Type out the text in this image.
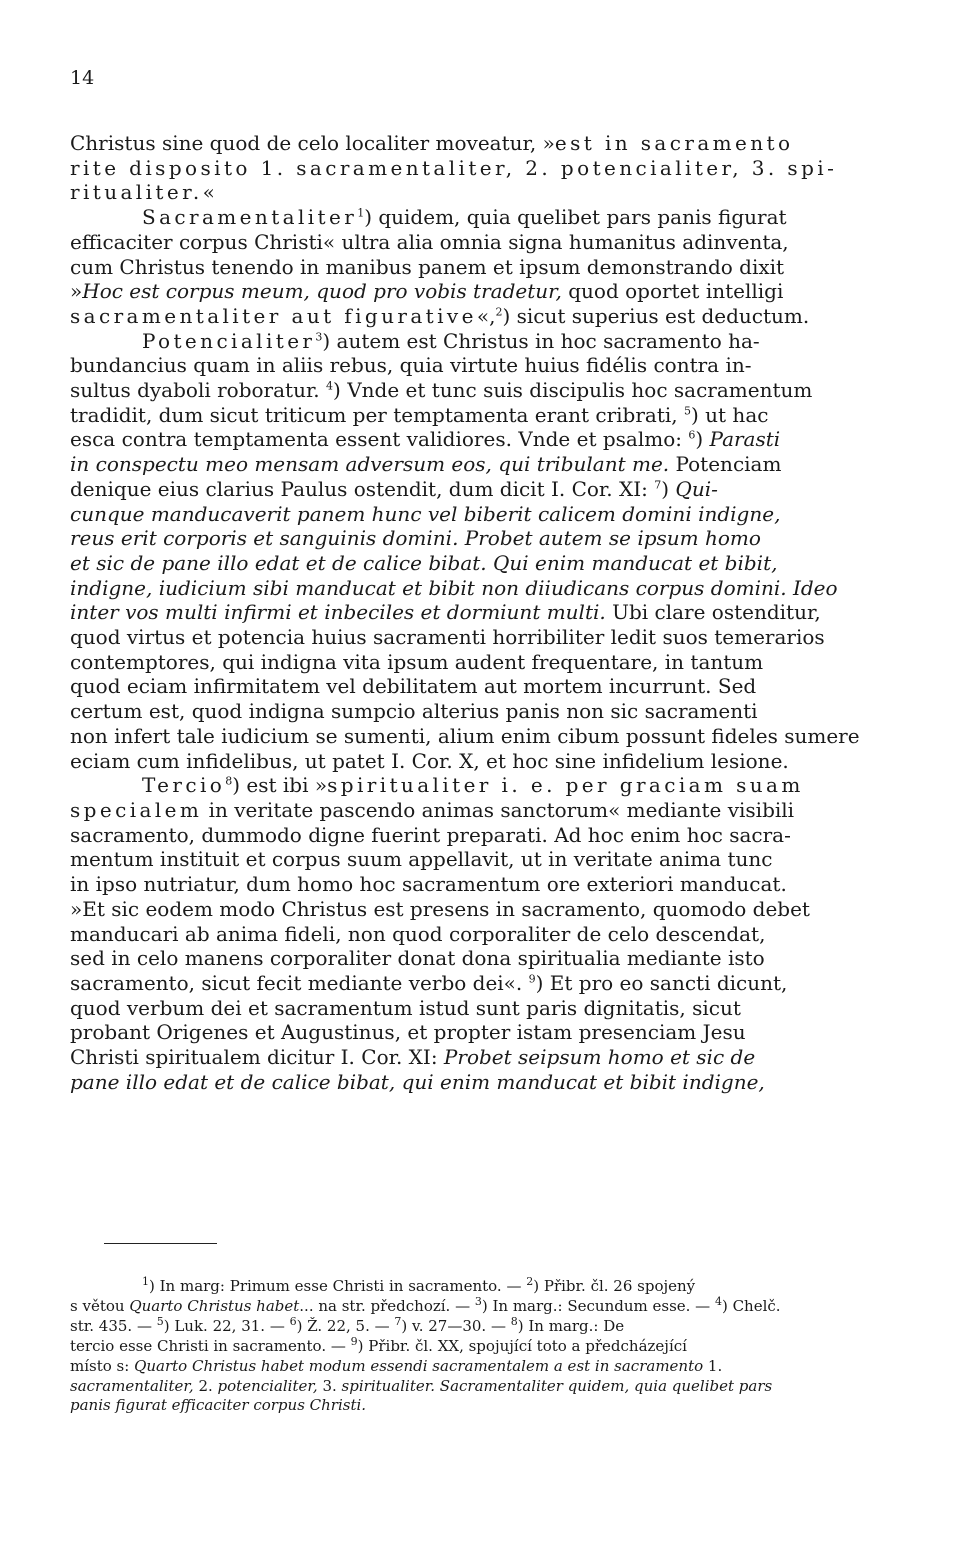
14
Christus sine quod de celo localiter moveatur, »est in sacramento
rite disposito 1. sacramentaliter, 2. potencialiter, 3. spi-
ritualiter.«
Sacramentaliter$^1$) quidem, quia quelibet pars panis figurat
efficaciter corpus Christi« ultra alia omnia signa humanitus adinventa,
cum Christus tenendo in manibus panem et ipsum demonstrando dixit
»Hoc est corpus meum, quod pro vobis tradetur, quod oportet intelligi
sacramentaliter aut figurative«,$^2$) sicut superius est deductum.
Potencialiter$^3$) autem est Christus in hoc sacramento ha-
bundancius quam in aliis rebus, quia virtute huius fidélis contra in-
sultus dyaboli roboratur. $^4$) Vnde et tunc suis discipulis hoc sacramentum
tradidit, dum sicut triticum per temptamenta erant cribrati, $^5$) ut hac
esca contra temptamenta essent validiores. Vnde et psalmo: $^6$) Parasti
in conspectu meo mensam adversum eos, qui tribulant me. Potenciam
denique eius clarius Paulus ostendit, dum dicit I. Cor. XI: $^7$) Qui-
cunque manducaverit panem hunc vel biberit calicem domini indigne,
reus erit corporis et sanguinis domini. Probet autem se ipsum homo
et sic de pane illo edat et de calice bibat. Qui enim manducat et bibit,
indigne, iudicium sibi manducat et bibit non diiudicans corpus domini. Ideo
inter vos multi infirmi et inbeciles et dormiunt multi. Ubi clare ostenditur,
quod virtus et potencia huius sacramenti horribiliter ledit suos temerarios
contemptores, qui indigna vita ipsum audent frequentare, in tantum
quod eciam infirmitatem vel debilitatem aut mortem incurrunt. Sed
certum est, quod indigna sumpcio alterius panis non sic sacramenti
non infert tale iudicium se sumenti, alium enim cibum possunt fideles sumere
eciam cum infidelibus, ut patet I. Cor. X, et hoc sine infidelium lesione.
Tercio$^8$) est ibi »spiritualiter i. e. per graciam suam
specialem in veritate pascendo animas sanctorum« mediante visibili
sacramento, dummodo digne fuerint preparati. Ad hoc enim hoc sacra-
mentum instituit et corpus suum appellavit, ut in veritate anima tunc
in ipso nutriatur, dum homo hoc sacramentum ore exteriori manducat.
»Et sic eodem modo Christus est presens in sacramento, quomodo debet
manducari ab anima fideli, non quod corporaliter de celo descendat,
sed in celo manens corporaliter donat dona spiritualia mediante isto
sacramento, sicut fecit mediante verbo dei«. $^9$) Et pro eo sancti dicunt,
quod verbum dei et sacramentum istud sunt paris dignitatis, sicut
probant Origenes et Augustinus, et propter istam presenciam Jesu
Christi spiritualem dicitur I. Cor. XI: Probet seipsum homo et sic de
pane illo edat et de calice bibat, qui enim manducat et bibit indigne,
$^1$) In marg: Primum esse Christi in sacramento. — $^2$) Přibr. čl. 26 spojený
s větou Quarto Christus habet... na str. předchozí. — $^3$) In marg.: Secundum esse. — $^4$) Chelč.
str. 435. — $^5$) Luk. 22, 31. — $^6$) Ž. 22, 5. — $^7$) v. 27—30. — $^8$) In marg.: De
tercio esse Christi in sacramento. — $^9$) Přibr. čl. XX, spojující toto a předcházející
místo s: Quarto Christus habet modum essendi sacramentalem a est in sacramento 1.
sacramentaliter, 2. potencialiter, 3. spiritualiter. Sacramentaliter quidem, quia quelibet pars
panis figurat efficaciter corpus Christi.
